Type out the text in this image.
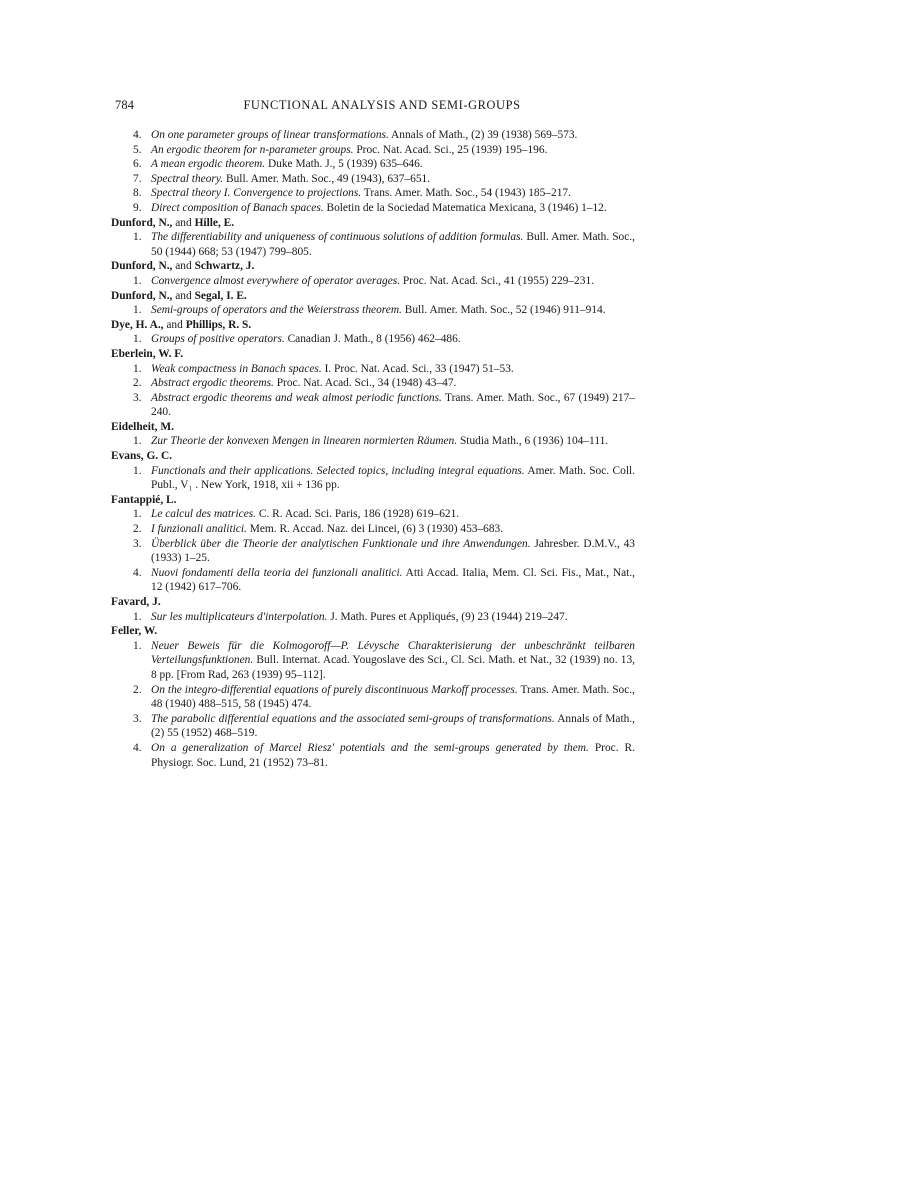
784	FUNCTIONAL ANALYSIS AND SEMI-GROUPS

4. On one parameter groups of linear transformations. Annals of Math., (2) 39 (1938) 569–573.

5. An ergodic theorem for n-parameter groups. Proc. Nat. Acad. Sci., 25 (1939) 195–196.

6. A mean ergodic theorem. Duke Math. J., 5 (1939) 635–646.

7. Spectral theory. Bull. Amer. Math. Soc., 49 (1943), 637–651.

8. Spectral theory I. Convergence to projections. Trans. Amer. Math. Soc., 54 (1943) 185–217.

9. Direct composition of Banach spaces. Boletin de la Sociedad Matematica Mexicana, 3 (1946) 1–12.

Dunford, N., and Hille, E.

1. The differentiability and uniqueness of continuous solutions of addition formulas. Bull. Amer. Math. Soc., 50 (1944) 668; 53 (1947) 799–805.

Dunford, N., and Schwartz, J.

1. Convergence almost everywhere of operator averages. Proc. Nat. Acad. Sci., 41 (1955) 229–231.

Dunford, N., and Segal, I. E.

1. Semi-groups of operators and the Weierstrass theorem. Bull. Amer. Math. Soc., 52 (1946) 911–914.

Dye, H. A., and Phillips, R. S.

1. Groups of positive operators. Canadian J. Math., 8 (1956) 462–486.

Eberlein, W. F.

1. Weak compactness in Banach spaces. I. Proc. Nat. Acad. Sci., 33 (1947) 51–53.

2. Abstract ergodic theorems. Proc. Nat. Acad. Sci., 34 (1948) 43–47.

3. Abstract ergodic theorems and weak almost periodic functions. Trans. Amer. Math. Soc., 67 (1949) 217–240.

Eidelheit, M.

1. Zur Theorie der konvexen Mengen in linearen normierten Räumen. Studia Math., 6 (1936) 104–111.

Evans, G. C.

1. Functionals and their applications. Selected topics, including integral equations. Amer. Math. Soc. Coll. Publ., V₁ . New York, 1918, xii + 136 pp.

Fantappié, L.

1. Le calcul des matrices. C. R. Acad. Sci. Paris, 186 (1928) 619–621.

2. I funzionali analitici. Mem. R. Accad. Naz. dei Lincei, (6) 3 (1930) 453–683.

3. Überblick über die Theorie der analytischen Funktionale und ihre Anwendungen. Jahresber. D.M.V., 43 (1933) 1–25.

4. Nuovi fondamenti della teoria dei funzionali analitici. Atti Accad. Italia, Mem. Cl. Sci. Fis., Mat., Nat., 12 (1942) 617–706.

Favard, J.

1. Sur les multiplicateurs d'interpolation. J. Math. Pures et Appliqués, (9) 23 (1944) 219–247.

Feller, W.

1. Neuer Beweis für die Kolmogoroff—P. Lévysche Charakterisierung der unbeschränkt teilbaren Verteilungsfunktionen. Bull. Internat. Acad. Yougoslave des Sci., Cl. Sci. Math. et Nat., 32 (1939) no. 13, 8 pp. [From Rad, 263 (1939) 95–112].

2. On the integro-differential equations of purely discontinuous Markoff processes. Trans. Amer. Math. Soc., 48 (1940) 488–515, 58 (1945) 474.

3. The parabolic differential equations and the associated semi-groups of transformations. Annals of Math., (2) 55 (1952) 468–519.

4. On a generalization of Marcel Riesz' potentials and the semi-groups generated by them. Proc. R. Physiogr. Soc. Lund, 21 (1952) 73–81.
